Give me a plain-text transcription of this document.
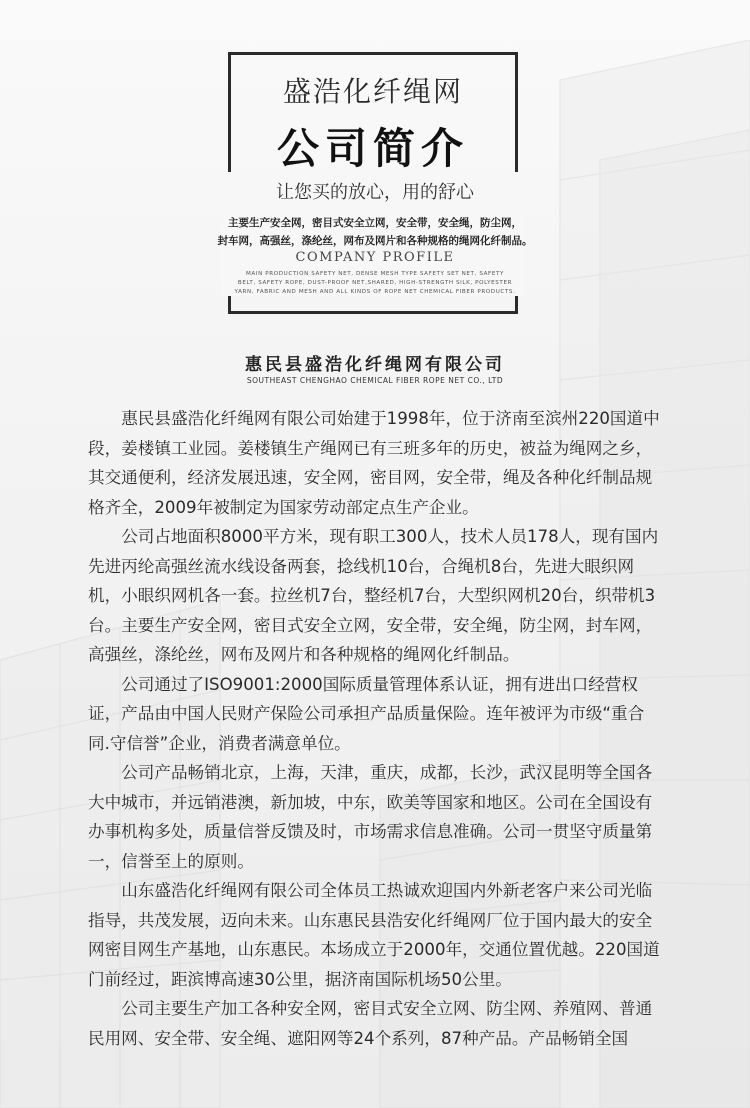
盛浩化纤绳网
公司简介
让您买的放心，用的舒心
主要生产安全网，密目式安全立网，安全带，安全绳，防尘网，
封车网，高强丝，涤纶丝，网布及网片和各种规格的绳网化纤制品。
COMPANY PROFILE
MAIN PRODUCTION SAFETY NET, DENSE MESH TYPE SAFETY SET NET, SAFETY
BELT, SAFETY ROPE, DUST-PROOF NET,SHARED, HIGH-STRENGTH SILK, POLYESTER
YARN, FABRIC AND MESH AND ALL KINDS OF ROPE NET CHEMICAL FIBER PRODUCTS.
惠民县盛浩化纤绳网有限公司
SOUTHEAST CHENGHAO CHEMICAL FIBER ROPE NET CO., LTD

惠民县盛浩化纤绳网有限公司始建于1998年，位于济南至滨州220国道中段，姜楼镇工业园。姜楼镇生产绳网已有三班多年的历史，被益为绳网之乡，其交通便利，经济发展迅速，安全网，密目网，安全带，绳及各种化纤制品规格齐全，2009年被制定为国家劳动部定点生产企业。

公司占地面积8000平方米，现有职工300人，技术人员178人，现有国内先进丙纶高强丝流水线设备两套，捻线机10台，合绳机8台，先进大眼织网机，小眼织网机各一套。拉丝机7台，整经机7台，大型织网机20台，织带机3台。主要生产安全网，密目式安全立网，安全带，安全绳，防尘网，封车网，高强丝，涤纶丝，网布及网片和各种规格的绳网化纤制品。

公司通过了ISO9001:2000国际质量管理体系认证，拥有进出口经营权证，产品由中国人民财产保险公司承担产品质量保险。连年被评为市级“重合同.守信誉”企业，消费者满意单位。

公司产品畅销北京，上海，天津，重庆，成都，长沙，武汉昆明等全国各大中城市，并远销港澳，新加坡，中东，欧美等国家和地区。公司在全国设有办事机构多处，质量信誉反馈及时，市场需求信息准确。公司一贯坚守质量第一，信誉至上的原则。

山东盛浩化纤绳网有限公司全体员工热诚欢迎国内外新老客户来公司光临指导，共茂发展，迈向未来。山东惠民县浩安化纤绳网厂位于国内最大的安全网密目网生产基地，山东惠民。本场成立于2000年，交通位置优越。220国道门前经过，距滨博高速30公里，据济南国际机场50公里。

公司主要生产加工各种安全网，密目式安全立网、防尘网、养殖网、普通民用网、安全带、安全绳、遮阳网等24个系列，87种产品。产品畅销全国
